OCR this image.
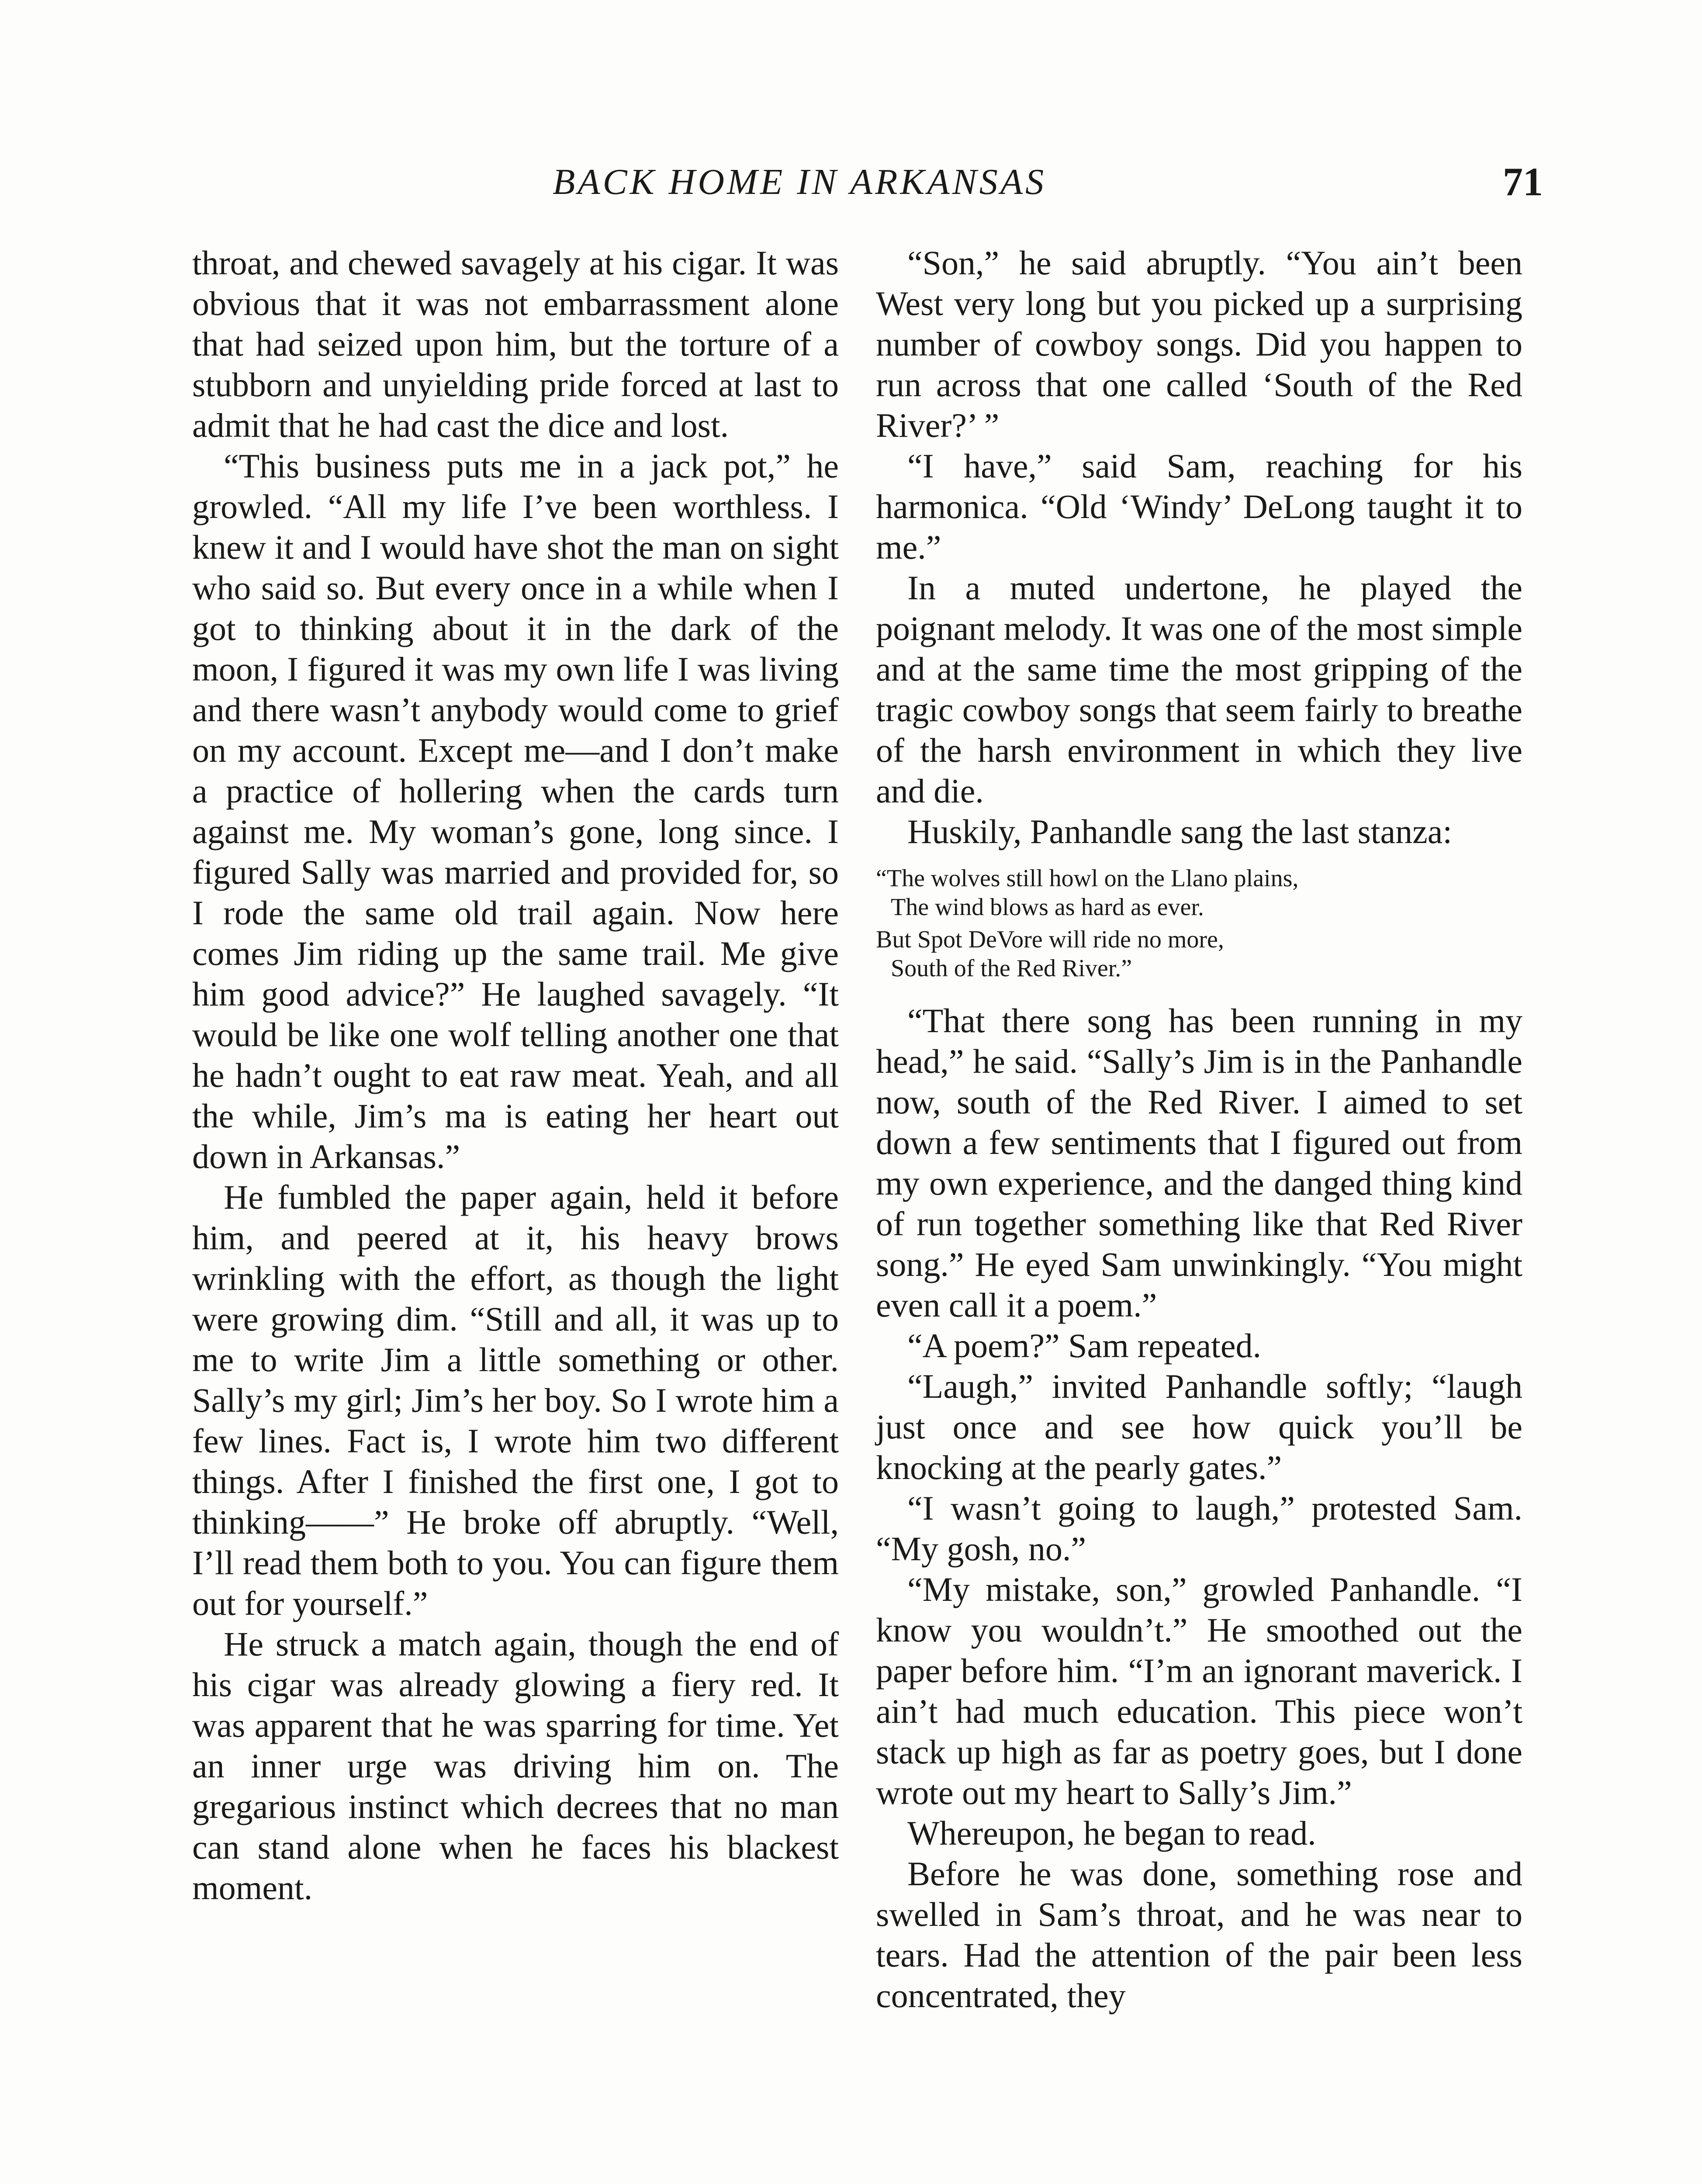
BACK HOME IN ARKANSAS	71

throat, and chewed savagely at his cigar. It was obvious that it was not embarrassment alone that had seized upon him, but the torture of a stubborn and unyielding pride forced at last to admit that he had cast the dice and lost.

“This business puts me in a jack pot,” he growled. “All my life I’ve been worthless. I knew it and I would have shot the man on sight who said so. But every once in a while when I got to thinking about it in the dark of the moon, I figured it was my own life I was living and there wasn’t anybody would come to grief on my account. Except me—and I don’t make a practice of hollering when the cards turn against me. My woman’s gone, long since. I figured Sally was married and provided for, so I rode the same old trail again. Now here comes Jim riding up the same trail. Me give him good advice?” He laughed savagely. “It would be like one wolf telling another one that he hadn’t ought to eat raw meat. Yeah, and all the while, Jim’s ma is eating her heart out down in Arkansas.”

He fumbled the paper again, held it before him, and peered at it, his heavy brows wrinkling with the effort, as though the light were growing dim. “Still and all, it was up to me to write Jim a little something or other. Sally’s my girl; Jim’s her boy. So I wrote him a few lines. Fact is, I wrote him two different things. After I finished the first one, I got to thinking——” He broke off abruptly. “Well, I’ll read them both to you. You can figure them out for yourself.”

He struck a match again, though the end of his cigar was already glowing a fiery red. It was apparent that he was sparring for time. Yet an inner urge was driving him on. The gregarious instinct which decrees that no man can stand alone when he faces his blackest moment.

“Son,” he said abruptly. “You ain’t been West very long but you picked up a surprising number of cowboy songs. Did you happen to run across that one called ‘South of the Red River?’ ”

“I have,” said Sam, reaching for his harmonica. “Old ‘Windy’ DeLong taught it to me.”

In a muted undertone, he played the poignant melody. It was one of the most simple and at the same time the most gripping of the tragic cowboy songs that seem fairly to breathe of the harsh environment in which they live and die.

Huskily, Panhandle sang the last stanza:

“The wolves still howl on the Llano plains,
The wind blows as hard as ever.
But Spot DeVore will ride no more,
South of the Red River.”

“That there song has been running in my head,” he said. “Sally’s Jim is in the Panhandle now, south of the Red River. I aimed to set down a few sentiments that I figured out from my own experience, and the danged thing kind of run together something like that Red River song.” He eyed Sam unwinkingly. “You might even call it a poem.”

“A poem?” Sam repeated.

“Laugh,” invited Panhandle softly; “laugh just once and see how quick you’ll be knocking at the pearly gates.”

“I wasn’t going to laugh,” protested Sam. “My gosh, no.”

“My mistake, son,” growled Panhandle. “I know you wouldn’t.” He smoothed out the paper before him. “I’m an ignorant maverick. I ain’t had much education. This piece won’t stack up high as far as poetry goes, but I done wrote out my heart to Sally’s Jim.”

Whereupon, he began to read.

Before he was done, something rose and swelled in Sam’s throat, and he was near to tears. Had the attention of the pair been less concentrated, they
